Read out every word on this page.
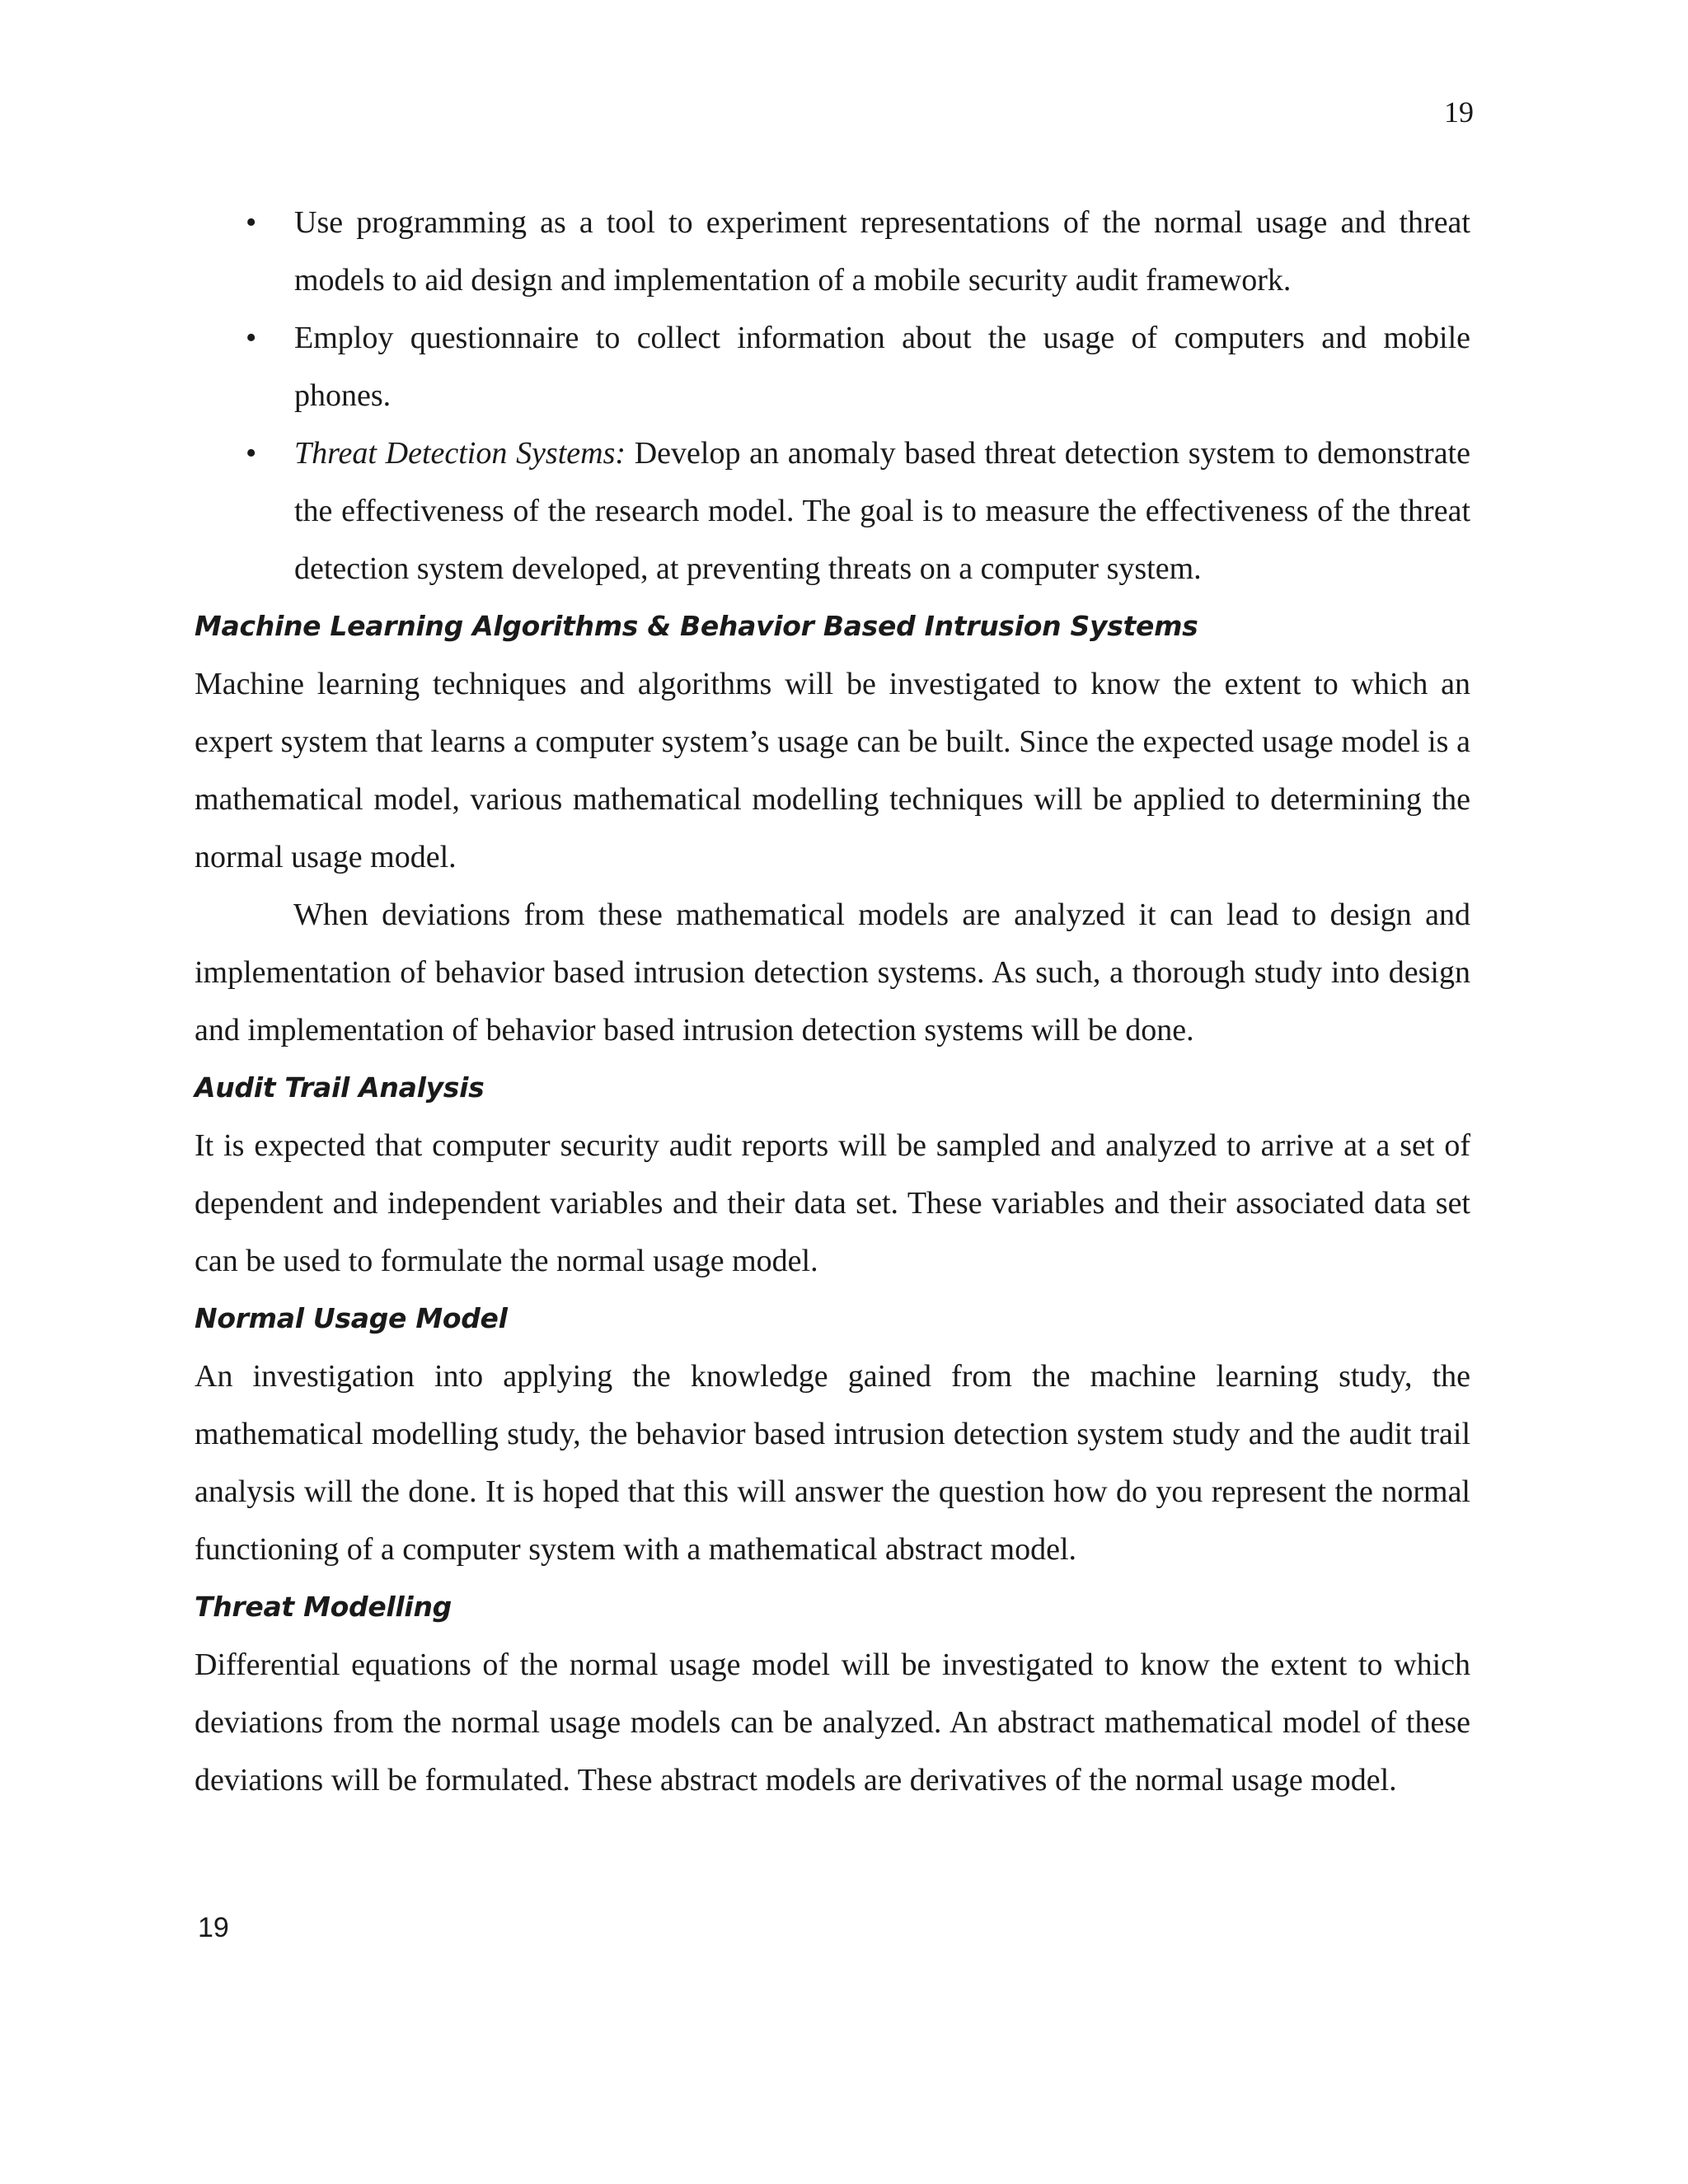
19
• Use programming as a tool to experiment representations of the normal usage and threat models to aid design and implementation of a mobile security audit framework.
• Employ questionnaire to collect information about the usage of computers and mobile phones.
• Threat Detection Systems: Develop an anomaly based threat detection system to demonstrate the effectiveness of the research model. The goal is to measure the effectiveness of the threat detection system developed, at preventing threats on a computer system.
Machine Learning Algorithms & Behavior Based Intrusion Systems

Machine learning techniques and algorithms will be investigated to know the extent to which an expert system that learns a computer system’s usage can be built. Since the expected usage model is a mathematical model, various mathematical modelling techniques will be applied to determining the normal usage model.

When deviations from these mathematical models are analyzed it can lead to design and implementation of behavior based intrusion detection systems. As such, a thorough study into design and implementation of behavior based intrusion detection systems will be done.

Audit Trail Analysis

It is expected that computer security audit reports will be sampled and analyzed to arrive at a set of dependent and independent variables and their data set. These variables and their associated data set can be used to formulate the normal usage model.

Normal Usage Model

An investigation into applying the knowledge gained from the machine learning study, the mathematical modelling study, the behavior based intrusion detection system study and the audit trail analysis will the done. It is hoped that this will answer the question how do you represent the normal functioning of a computer system with a mathematical abstract model.

Threat Modelling

Differential equations of the normal usage model will be investigated to know the extent to which deviations from the normal usage models can be analyzed. An abstract mathematical model of these deviations will be formulated. These abstract models are derivatives of the normal usage model.

19
